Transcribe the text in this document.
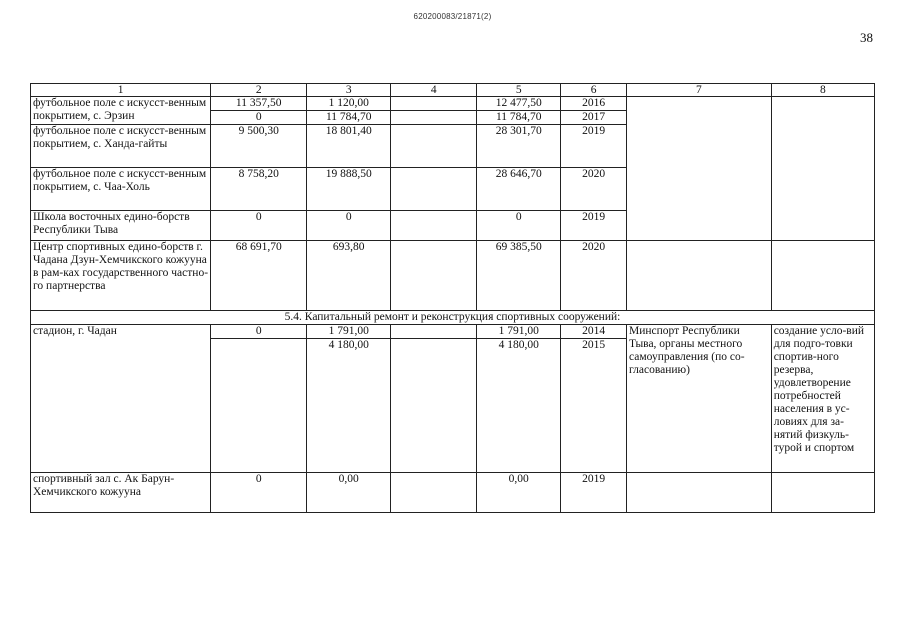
620200083/21871(2)
38
1	2	3	4	5	6	7	8
футбольное поле с искусст-венным покрытием, с. Эрзин	11 357,50	1 120,00		12 477,50	2016		
	0	11 784,70		11 784,70	2017		
футбольное поле с искусст-венным покрытием, с. Ханда-гайты	9 500,30	18 801,40		28 301,70	2019		
футбольное поле с искусст-венным покрытием, с. Чаа-Холь	8 758,20	19 888,50		28 646,70	2020		
Школа восточных едино-борств Республики Тыва	0	0		0	2019		
Центр спортивных едино-борств г. Чадана Дзун-Хемчикского кожууна в рам-ках государственного частно-го партнерства	68 691,70	693,80		69 385,50	2020		
5.4. Капитальный ремонт и реконструкция спортивных сооружений:							
стадион, г. Чадан	0	1 791,00		1 791,00	2014	Минспорт Республики Тыва, органы местного самоуправления (по со-гласованию)	создание усло-вий для подго-товки спортив-ного резерва, удовлетворение потребностей населения в ус-ловиях для за-нятий физкуль-турой и спортом
		4 180,00		4 180,00	2015		
спортивный зал с. Ак Барун-Хемчикского кожууна	0	0,00		0,00	2019		
